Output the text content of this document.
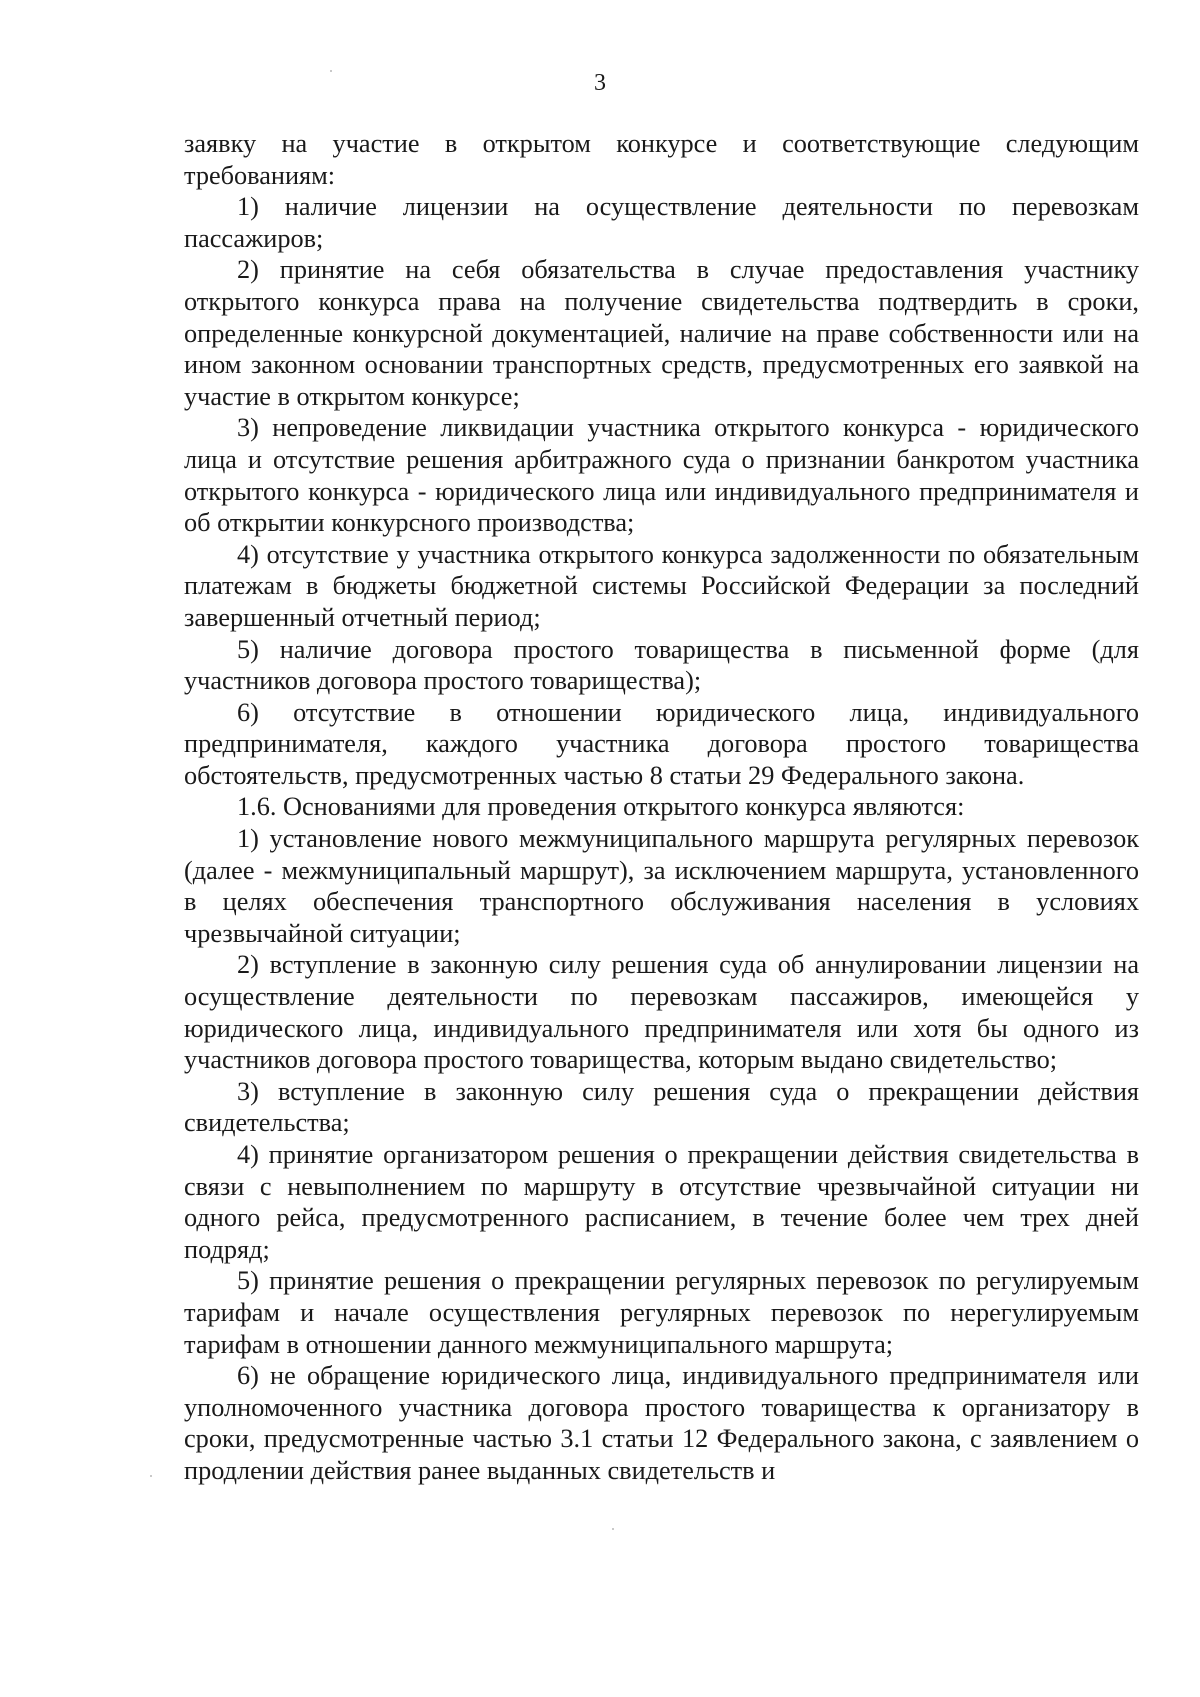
3

заявку на участие в открытом конкурсе и соответствующие следующим требованиям:

1) наличие лицензии на осуществление деятельности по перевозкам пассажиров;

2) принятие на себя обязательства в случае предоставления участнику открытого конкурса права на получение свидетельства подтвердить в сроки, определенные конкурсной документацией, наличие на праве собственности или на ином законном основании транспортных средств, предусмотренных его заявкой на участие в открытом конкурсе;

3) непроведение ликвидации участника открытого конкурса - юридического лица и отсутствие решения арбитражного суда о признании банкротом участника открытого конкурса - юридического лица или индивидуального предпринимателя и об открытии конкурсного производства;

4) отсутствие у участника открытого конкурса задолженности по обязательным платежам в бюджеты бюджетной системы Российской Федерации за последний завершенный отчетный период;

5) наличие договора простого товарищества в письменной форме (для участников договора простого товарищества);

6) отсутствие в отношении юридического лица, индивидуального предпринимателя, каждого участника договора простого товарищества обстоятельств, предусмотренных частью 8 статьи 29 Федерального закона.

1.6. Основаниями для проведения открытого конкурса являются:

1) установление нового межмуниципального маршрута регулярных перевозок (далее - межмуниципальный маршрут), за исключением маршрута, установленного в целях обеспечения транспортного обслуживания населения в условиях чрезвычайной ситуации;

2) вступление в законную силу решения суда об аннулировании лицензии на осуществление деятельности по перевозкам пассажиров, имеющейся у юридического лица, индивидуального предпринимателя или хотя бы одного из участников договора простого товарищества, которым выдано свидетельство;

3) вступление в законную силу решения суда о прекращении действия свидетельства;

4) принятие организатором решения о прекращении действия свидетельства в связи с невыполнением по маршруту в отсутствие чрезвычайной ситуации ни одного рейса, предусмотренного расписанием, в течение более чем трех дней подряд;

5) принятие решения о прекращении регулярных перевозок по регулируемым тарифам и начале осуществления регулярных перевозок по нерегулируемым тарифам в отношении данного межмуниципального маршрута;

6) не обращение юридического лица, индивидуального предпринимателя или уполномоченного участника договора простого товарищества к организатору в сроки, предусмотренные частью 3.1 статьи 12 Федерального закона, с заявлением о продлении действия ранее выданных свидетельств и
